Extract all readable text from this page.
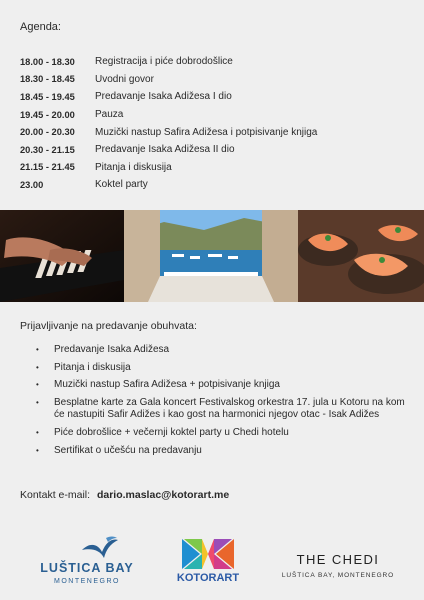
Agenda:
18.00 - 18.30	Registracija i piće dobrodošlice
18.30 - 18.45	Uvodni govor
18.45 - 19.45	Predavanje Isaka Adižesa I dio
19.45 - 20.00	Pauza
20.00 - 20.30	Muzički nastup Safira Adižesa i potpisivanje knjiga
20.30 - 21.15	Predavanje Isaka Adižesa II dio
21.15 - 21.45	Pitanja i diskusija
23.00	Koktel party
Prijavljivanje na predavanje obuhvata:
• Predavanje Isaka Adižesa
• Pitanja i diskusija
• Muzički nastup Safira Adižesa + potpisivanje knjiga
• Besplatne karte za Gala koncert Festivalskog orkestra 17. jula u Kotoru na kom će nastupiti Safir Adižes i kao gost na harmonici njegov otac - Isak Adižes
• Piće dobrošlice + večernji koktel party u Chedi hotelu
• Sertifikat o učešću na predavanju
Kontakt e-mail: dario.maslac@kotorart.me
LUŠTICA BAY
MONTENEGRO	KOTORART
THE CHEDI
LUŠTICA BAY, MONTENEGRO
